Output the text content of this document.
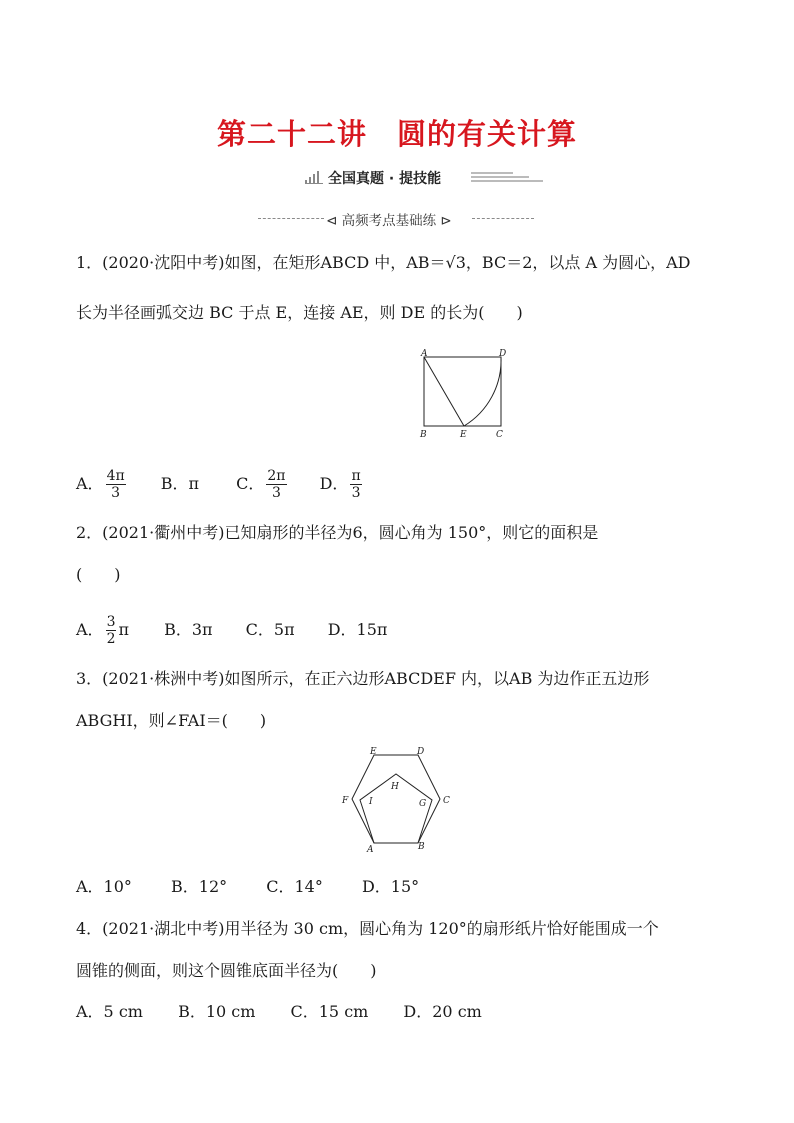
第二十二讲　圆的有关计算
全国真题 · 提技能
⊲ 高频考点基础练 ⊳
1．(2020·沈阳中考)如图，在矩形ABCD 中，AB＝√3，BC＝2，以点 A 为圆心，AD
长为半径画弧交边 BC 于点 E，连接 AE，则 DE 的长为(　　)
A	D
B	E	C
A． $\frac{4\pi}{3}$ B．π C． $\frac{2\pi}{3}$ D． $\frac{\pi}{3}$
2．(2021·衢州中考)已知扇形的半径为6，圆心角为 150°，则它的面积是
(　　)
A． $\frac{3}{2}$ π B．3π C．5π D．15π
3．(2021·株洲中考)如图所示，在正六边形ABCDEF 内，以AB 为边作正五边形
ABGHI，则∠FAI＝(　　)
E	D
H
F I	G C
A	B
A．10° B．12° C．14° D．15°
4．(2021·湖北中考)用半径为 30 cm，圆心角为 120°的扇形纸片恰好能围成一个
圆锥的侧面，则这个圆锥底面半径为(　　)
A．5 cm B．10 cm C．15 cm D．20 cm
